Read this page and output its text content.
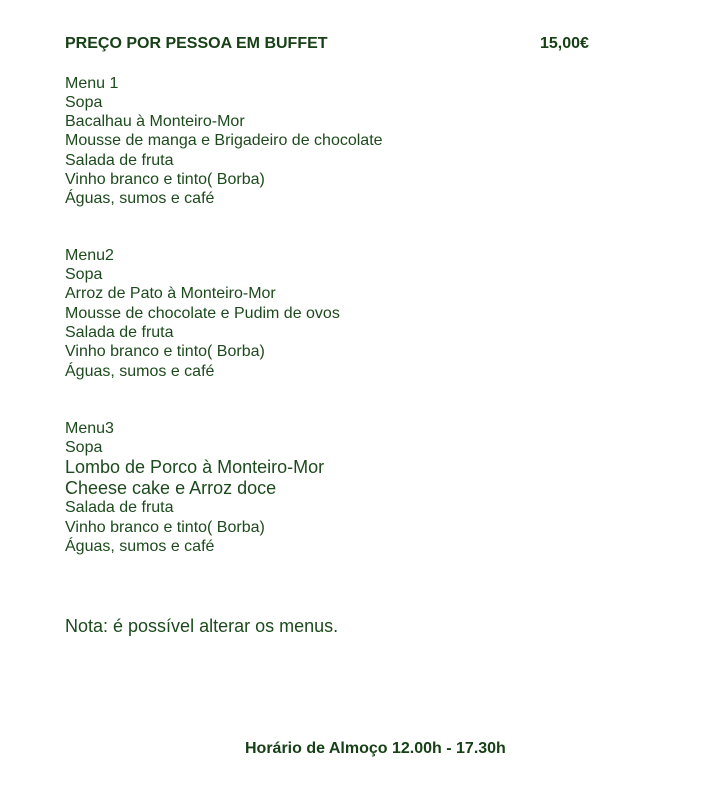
PREÇO POR PESSOA EM BUFFET	15,00€
Menu 1
Sopa
Bacalhau à Monteiro-Mor
Mousse de manga e Brigadeiro de chocolate
Salada de fruta
Vinho branco e tinto( Borba)
Águas, sumos e café
Menu2
Sopa
Arroz de Pato à Monteiro-Mor
Mousse de chocolate e Pudim de ovos
Salada de fruta
Vinho branco e tinto( Borba)
Águas, sumos e café
Menu3
Sopa
Lombo de Porco à Monteiro-Mor
Cheese cake e Arroz doce
Salada de fruta
Vinho branco e tinto( Borba)
Águas, sumos e café
Nota: é possível alterar os menus.
Horário de Almoço 12.00h - 17.30h
